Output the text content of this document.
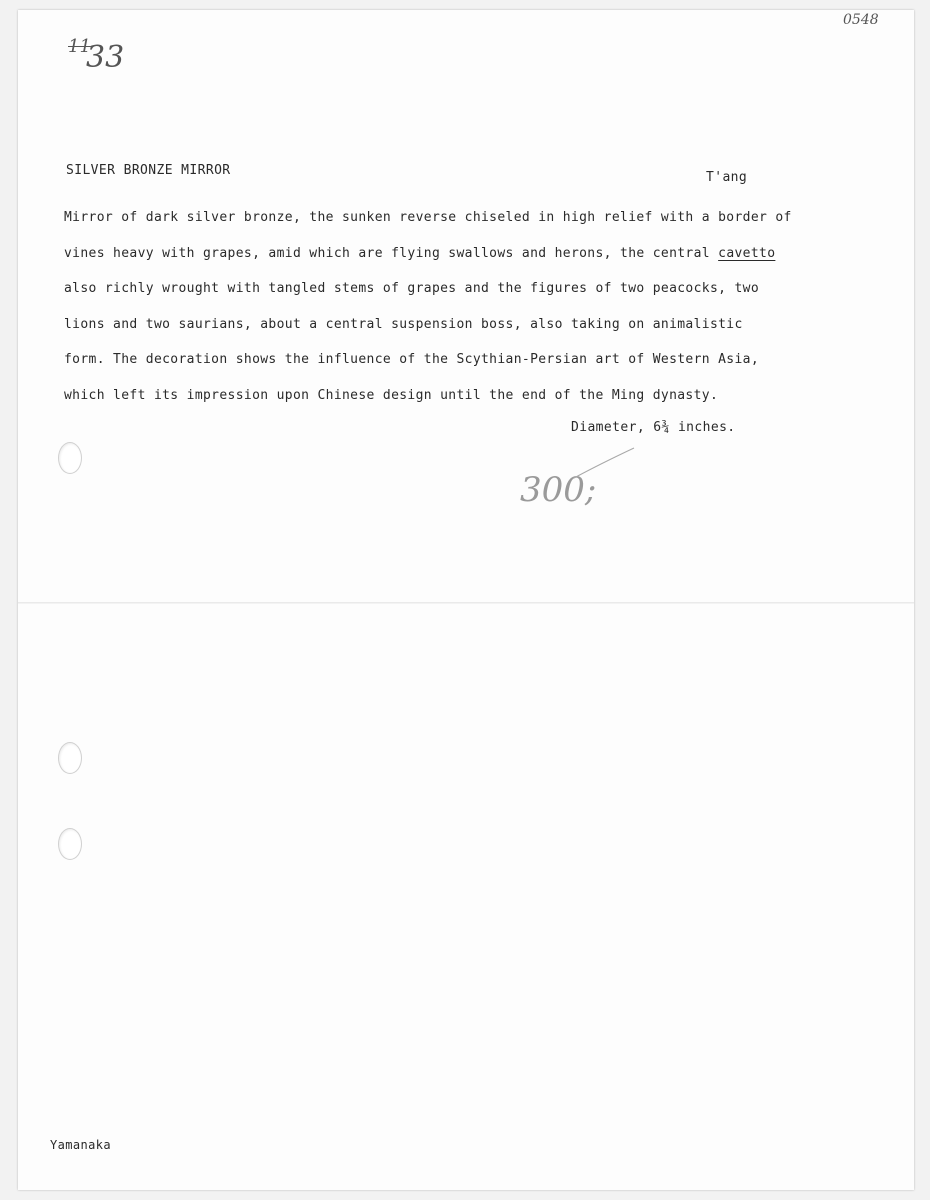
11
33
0548
300;
SILVER BRONZE MIRROR	T'ang
Mirror of dark silver bronze, the sunken reverse chiseled in high relief with a border of
vines heavy with grapes, amid which are flying swallows and herons, the central cavetto
also richly wrought with tangled stems of grapes and the figures of two peacocks, two
lions and two saurians, about a central suspension boss, also taking on animalistic
form. The decoration shows the influence of the Scythian-Persian art of Western Asia,
which left its impression upon Chinese design until the end of the Ming dynasty.
Diameter, 6¾ inches.
Yamanaka
